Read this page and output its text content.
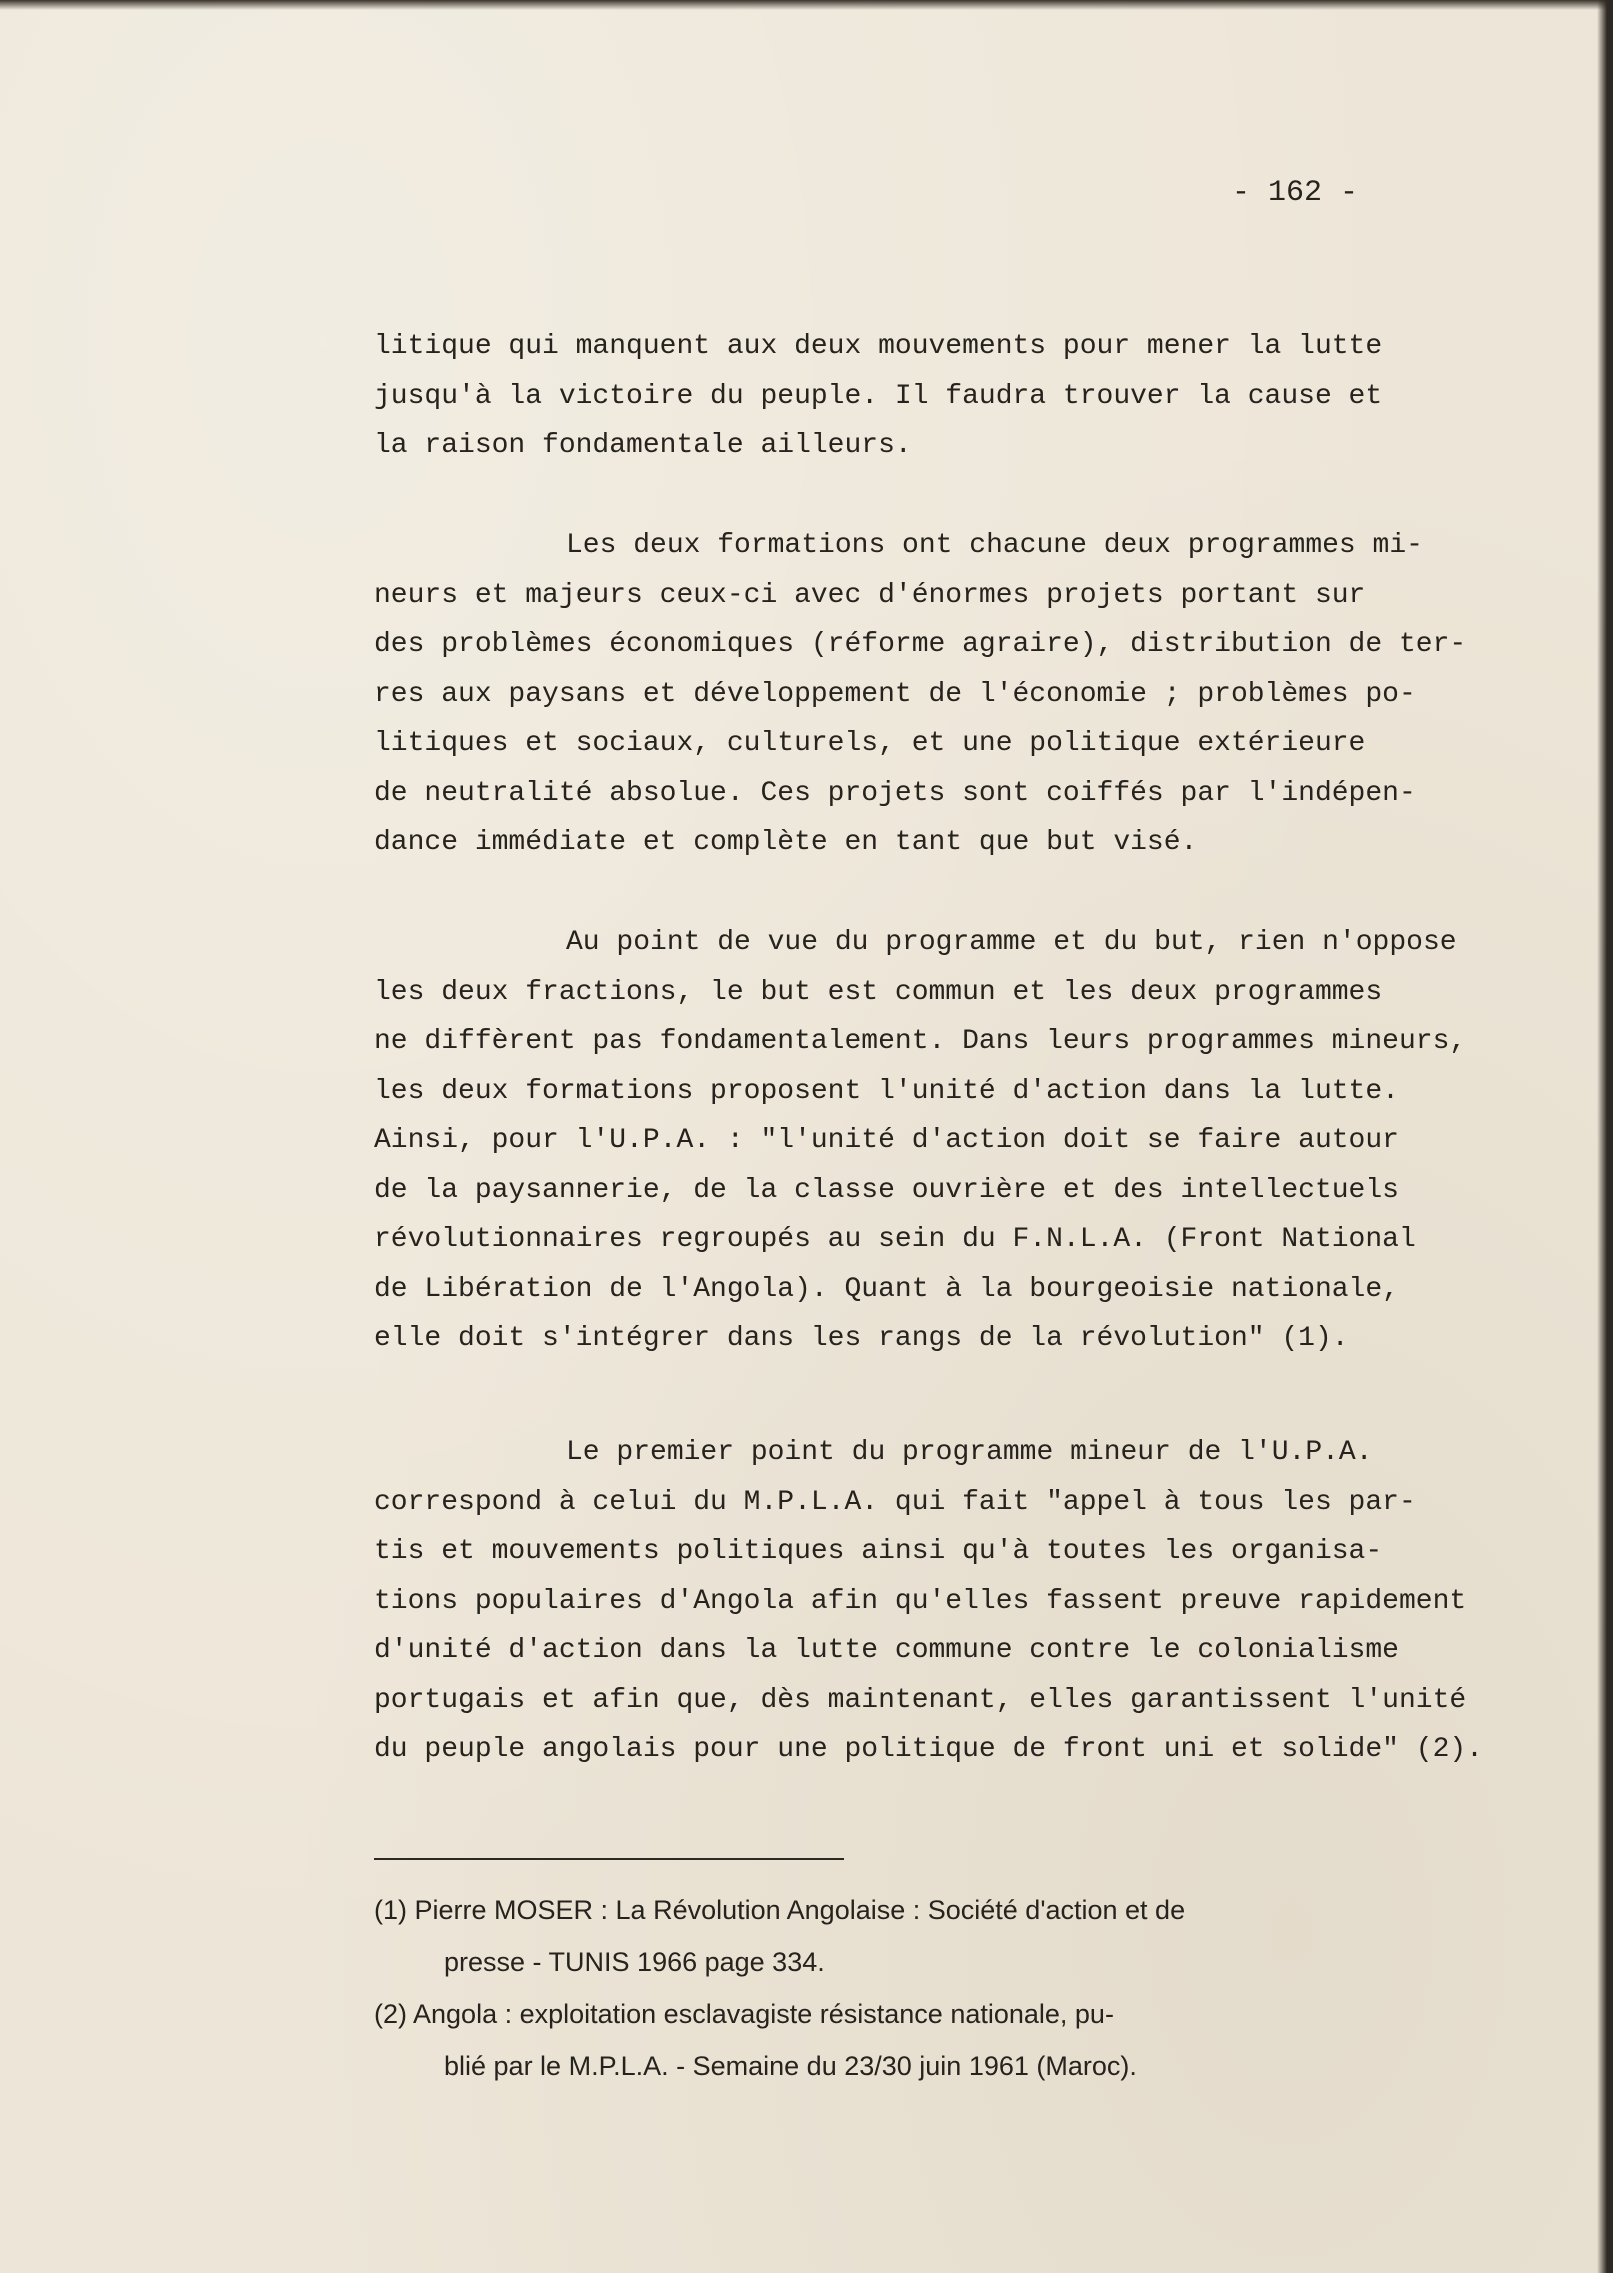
- 162 -
litique qui manquent aux deux mouvements pour mener la lutte
jusqu'à la victoire du peuple. Il faudra trouver la cause et
la raison fondamentale ailleurs.
Les deux formations ont chacune deux programmes mi-
neurs et majeurs ceux-ci avec d'énormes projets portant sur
des problèmes économiques (réforme agraire), distribution de ter-
res aux paysans et développement de l'économie ; problèmes po-
litiques et sociaux, culturels, et une politique extérieure
de neutralité absolue. Ces projets sont coiffés par l'indépen-
dance immédiate et complète en tant que but visé.
Au point de vue du programme et du but, rien n'oppose
les deux fractions, le but est commun et les deux programmes
ne diffèrent pas fondamentalement. Dans leurs programmes mineurs,
les deux formations proposent l'unité d'action dans la lutte.
Ainsi, pour l'U.P.A. : "l'unité d'action doit se faire autour
de la paysannerie, de la classe ouvrière et des intellectuels
révolutionnaires regroupés au sein du F.N.L.A. (Front National
de Libération de l'Angola). Quant à la bourgeoisie nationale,
elle doit s'intégrer dans les rangs de la révolution" (1).
Le premier point du programme mineur de l'U.P.A.
correspond à celui du M.P.L.A. qui fait "appel à tous les par-
tis et mouvements politiques ainsi qu'à toutes les organisa-
tions populaires d'Angola afin qu'elles fassent preuve rapidement
d'unité d'action dans la lutte commune contre le colonialisme
portugais et afin que, dès maintenant, elles garantissent l'unité
du peuple angolais pour une politique de front uni et solide" (2).
(1) Pierre MOSER : La Révolution Angolaise : Société d'action et de
presse - TUNIS 1966 page 334.
(2) Angola : exploitation esclavagiste résistance nationale, pu-
blié par le M.P.L.A. - Semaine du 23/30 juin 1961 (Maroc).
